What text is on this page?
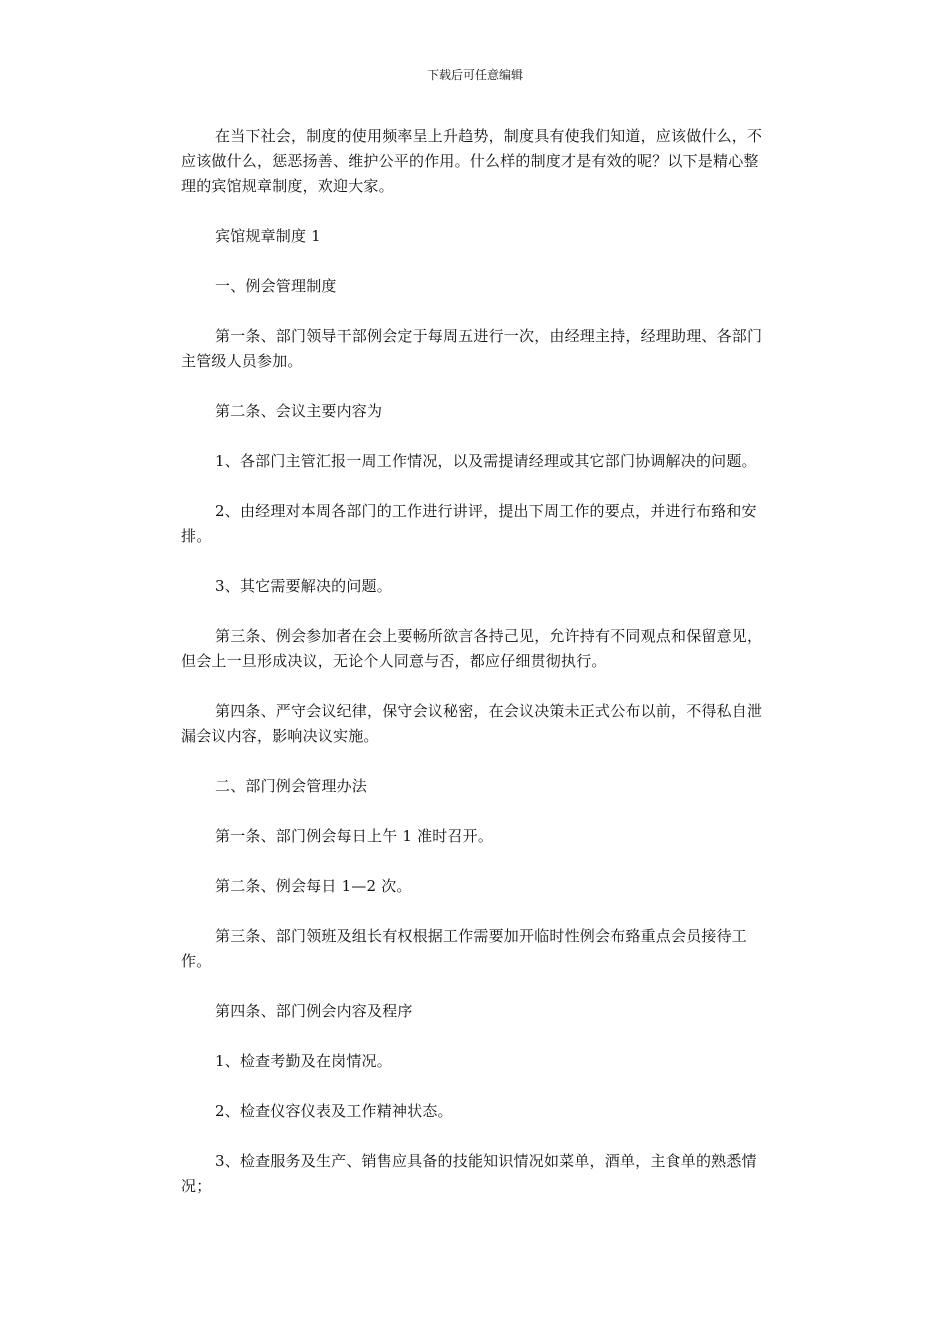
下载后可任意编辑

在当下社会，制度的使用频率呈上升趋势，制度具有使我们知道，应该做什么，不应该做什么，惩恶扬善、维护公平的作用。什么样的制度才是有效的呢？以下是精心整理的宾馆规章制度，欢迎大家。

宾馆规章制度 1

一、例会管理制度

第一条、部门领导干部例会定于每周五进行一次，由经理主持，经理助理、各部门主管级人员参加。

第二条、会议主要内容为

1、各部门主管汇报一周工作情况，以及需提请经理或其它部门协调解决的问题。

2、由经理对本周各部门的工作进行讲评，提出下周工作的要点，并进行布臵和安排。

3、其它需要解决的问题。

第三条、例会参加者在会上要畅所欲言各持己见，允许持有不同观点和保留意见，但会上一旦形成决议，无论个人同意与否，都应仔细贯彻执行。

第四条、严守会议纪律，保守会议秘密，在会议决策未正式公布以前，不得私自泄漏会议内容，影响决议实施。

二、部门例会管理办法

第一条、部门例会每日上午 1 准时召开。

第二条、例会每日 1—2 次。

第三条、部门领班及组长有权根据工作需要加开临时性例会布臵重点会员接待工作。

第四条、部门例会内容及程序

1、检查考勤及在岗情况。

2、检查仪容仪表及工作精神状态。

3、检查服务及生产、销售应具备的技能知识情况如菜单，酒单，主食单的熟悉情况；
